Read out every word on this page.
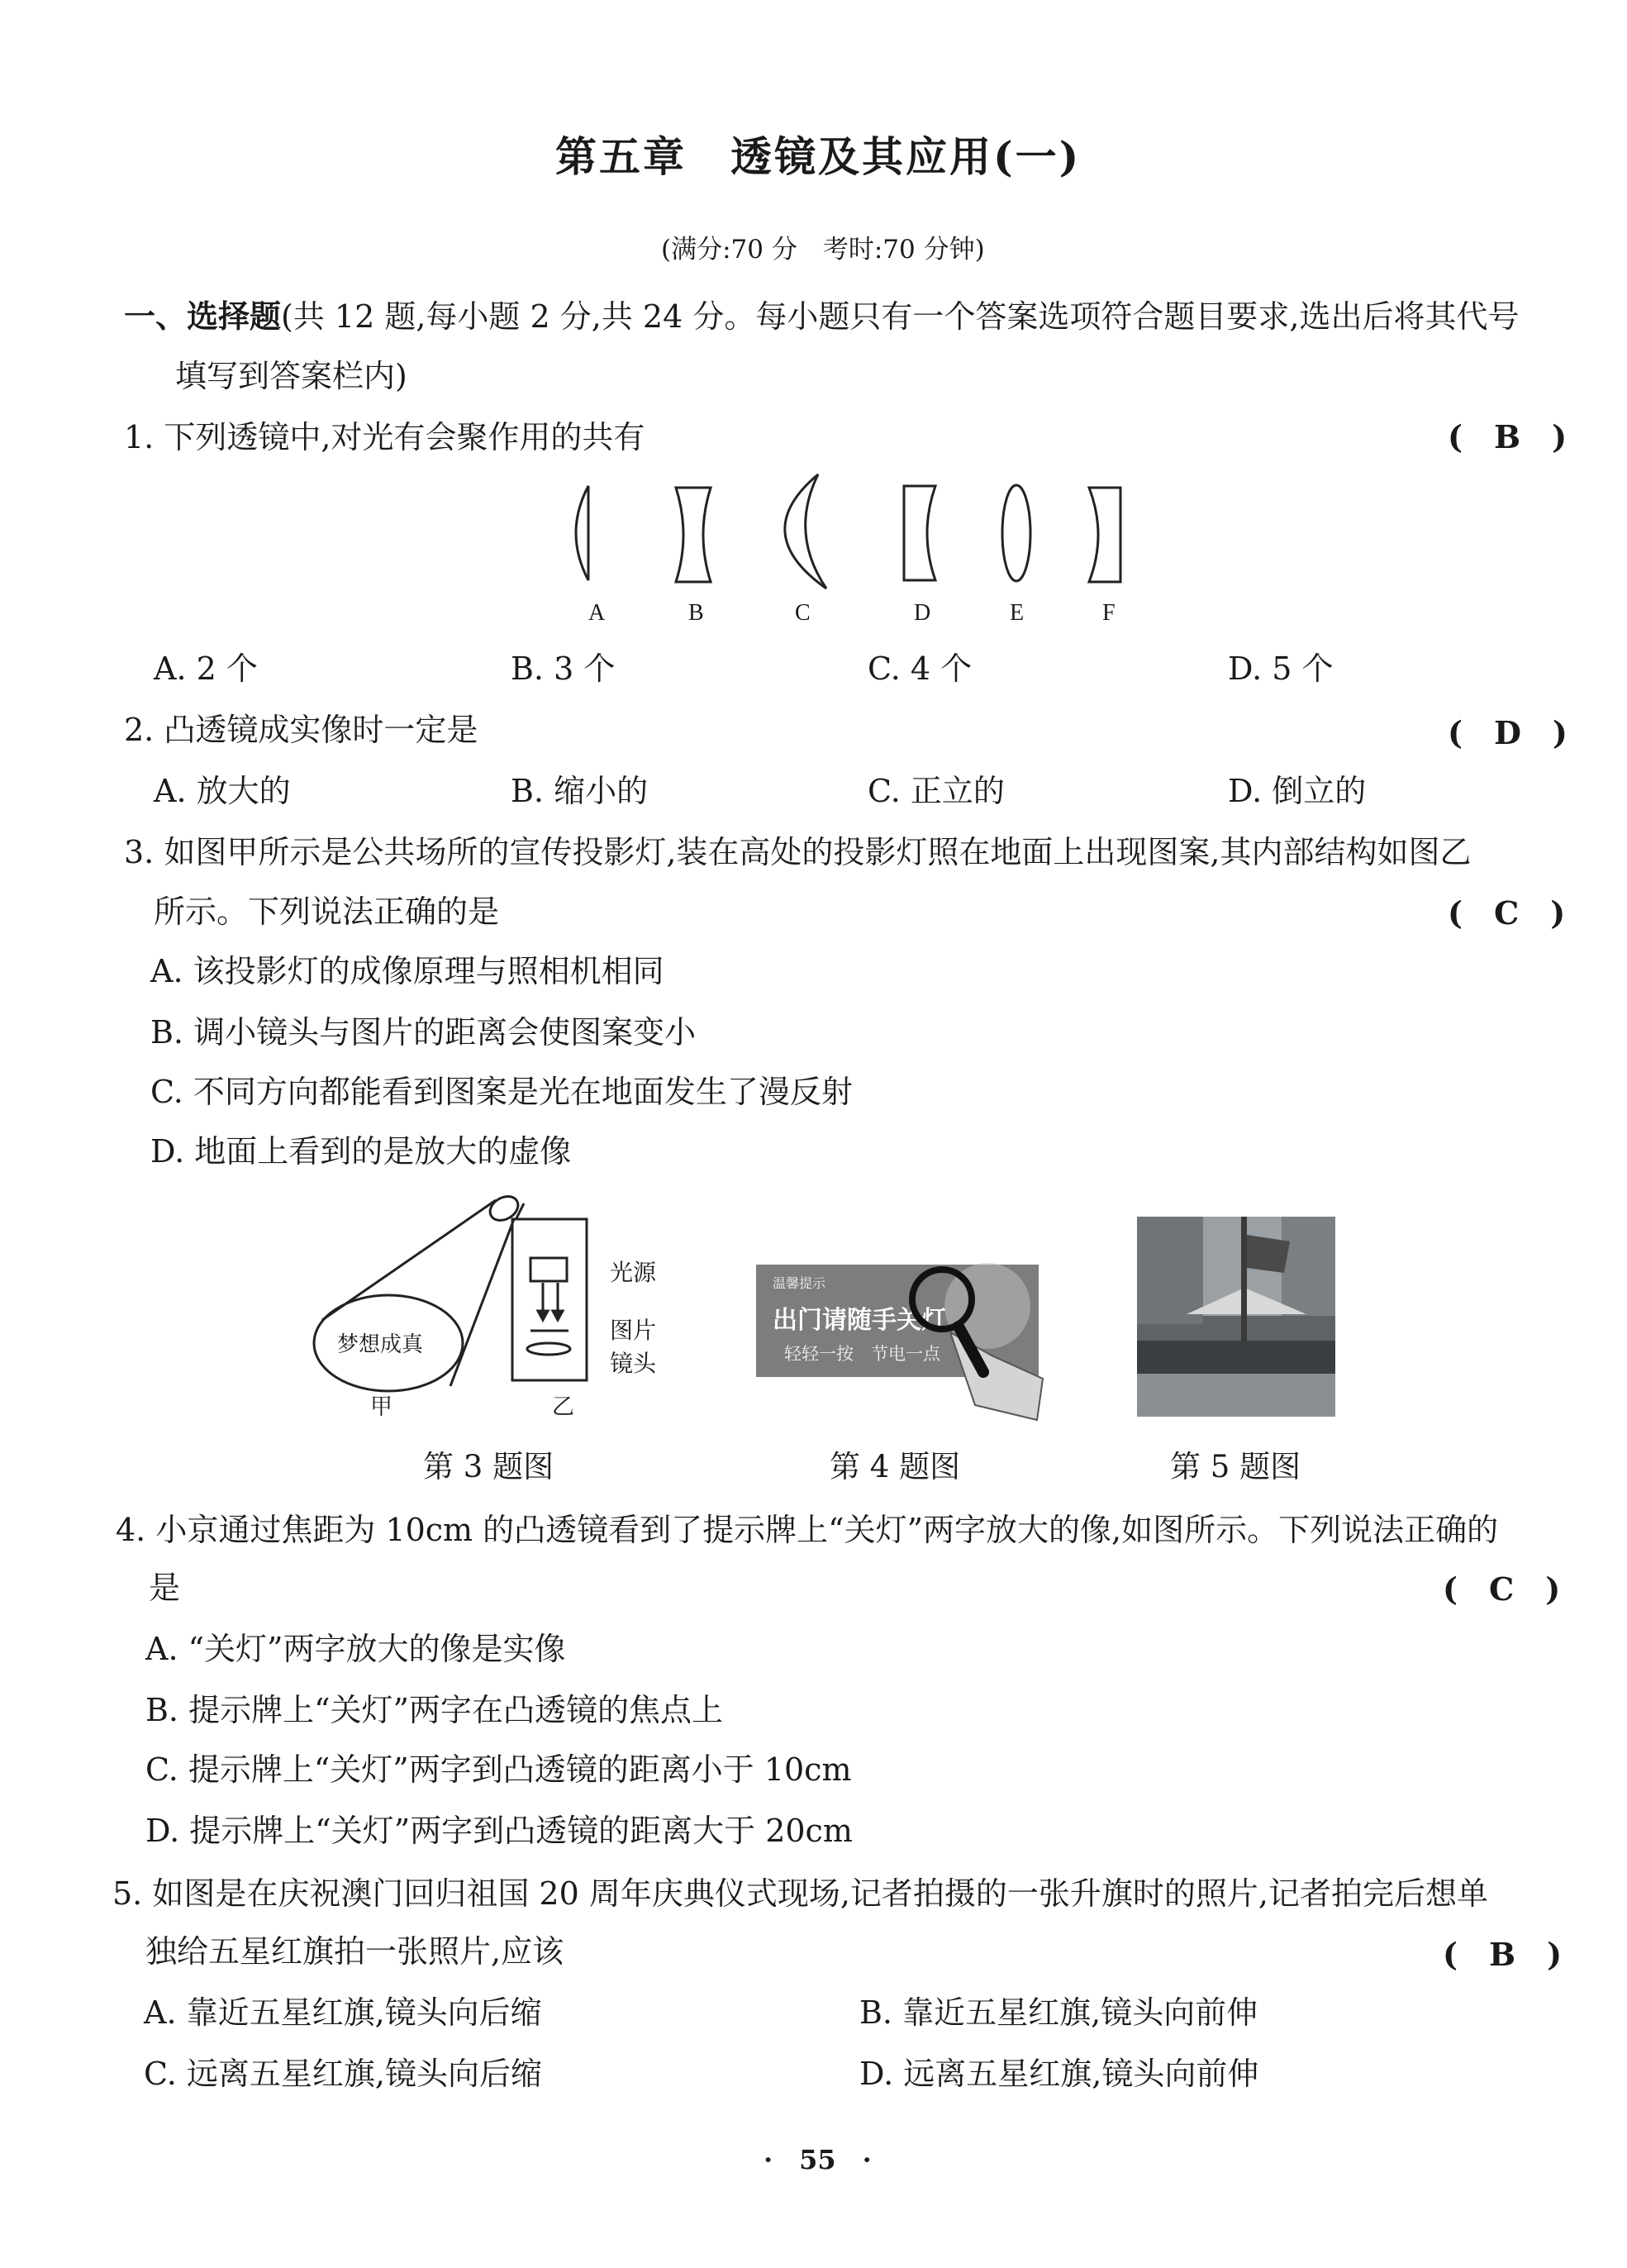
第五章　透镜及其应用(一)
(满分:70 分　考时:70 分钟)
一、选择题(共 12 题,每小题 2 分,共 24 分。每小题只有一个答案选项符合题目要求,选出后将其代号
填写到答案栏内)
1. 下列透镜中,对光有会聚作用的共有	(　B　)
A	B	C	D	E	F
A. 2 个	B. 3 个	C. 4 个	D. 5 个
2. 凸透镜成实像时一定是	(　D　)
A. 放大的	B. 缩小的	C. 正立的	D. 倒立的
3. 如图甲所示是公共场所的宣传投影灯,装在高处的投影灯照在地面上出现图案,其内部结构如图乙
所示。下列说法正确的是	(　C　)
A. 该投影灯的成像原理与照相机相同
B. 调小镜头与图片的距离会使图案变小
C. 不同方向都能看到图案是光在地面发生了漫反射
D. 地面上看到的是放大的虚像
梦想成真
光源
图片
镜头
甲	乙
第 3 题图
温馨提示
出门请随手关灯
轻轻一按　节电一点
第 4 题图	第 5 题图
4. 小京通过焦距为 10cm 的凸透镜看到了提示牌上“关灯”两字放大的像,如图所示。下列说法正确的
是	(　C　)
A. “关灯”两字放大的像是实像
B. 提示牌上“关灯”两字在凸透镜的焦点上
C. 提示牌上“关灯”两字到凸透镜的距离小于 10cm
D. 提示牌上“关灯”两字到凸透镜的距离大于 20cm
5. 如图是在庆祝澳门回归祖国 20 周年庆典仪式现场,记者拍摄的一张升旗时的照片,记者拍完后想单
独给五星红旗拍一张照片,应该	(　B　)
A. 靠近五星红旗,镜头向后缩	B. 靠近五星红旗,镜头向前伸
C. 远离五星红旗,镜头向后缩	D. 远离五星红旗,镜头向前伸
·　55　·
